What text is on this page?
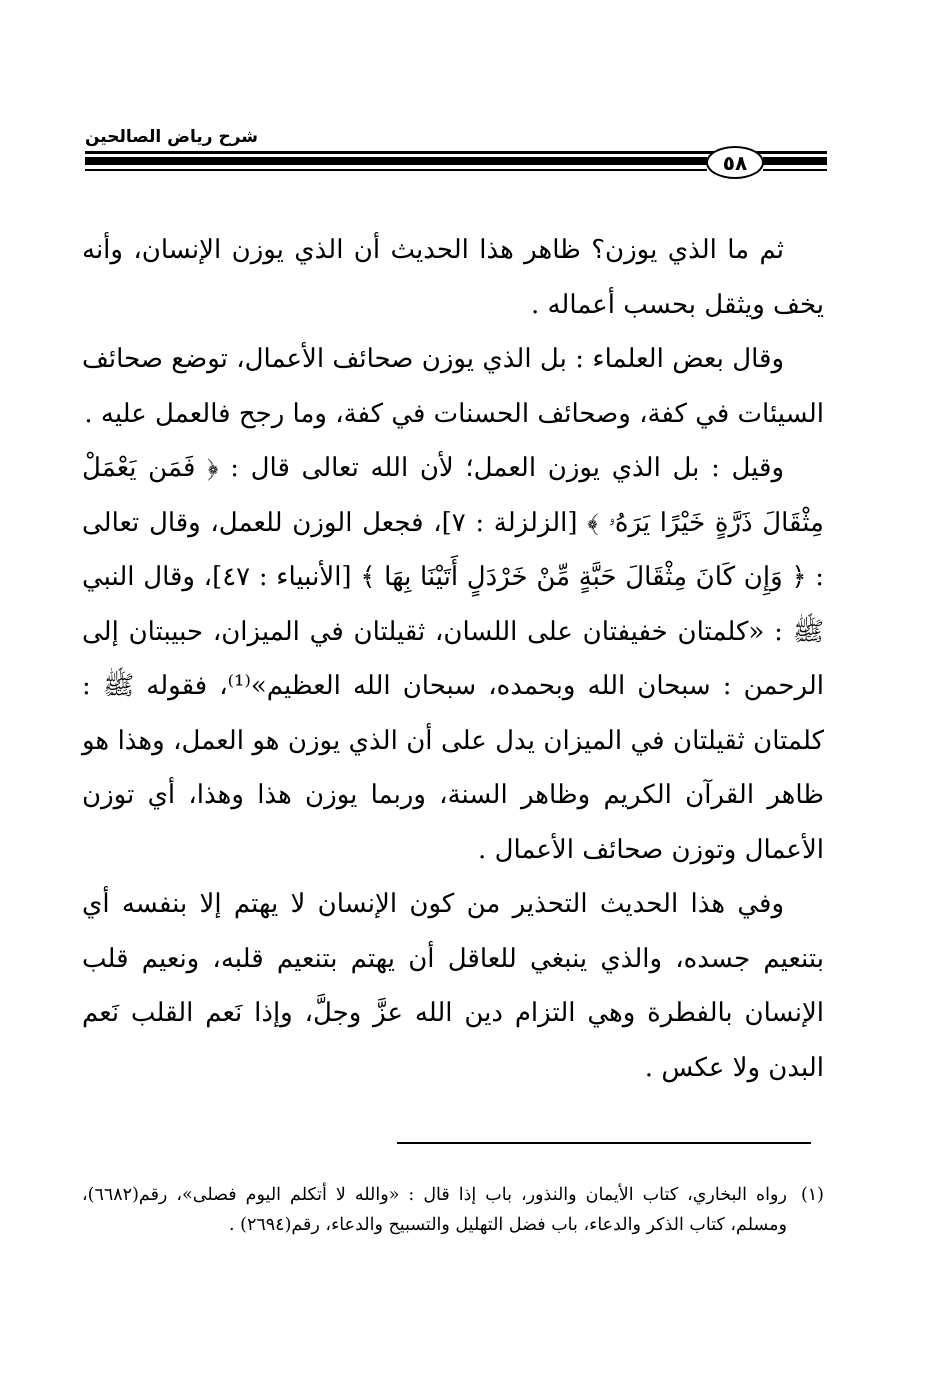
شرح رياض الصالحين
٥٨

ثم ما الذي يوزن؟ ظاهر هذا الحديث أن الذي يوزن الإنسان، وأنه يخف ويثقل بحسب أعماله .

وقال بعض العلماء : بل الذي يوزن صحائف الأعمال، توضع صحائف السيئات في كفة، وصحائف الحسنات في كفة، وما رجح فالعمل عليه .

وقيل : بل الذي يوزن العمل؛ لأن الله تعالى قال : ﴿ فَمَن يَعْمَلْ مِثْقَالَ ذَرَّةٍ خَيْرًا يَرَهُۥ ﴾ [الزلزلة : ٧]، فجعل الوزن للعمل، وقال تعالى : ﴿ وَإِن كَانَ مِثْقَالَ حَبَّةٍ مِّنْ خَرْدَلٍ أَتَيْنَا بِهَا ﴾ [الأنبياء : ٤٧]، وقال النبي ﷺ : «كلمتان خفيفتان على اللسان، ثقيلتان في الميزان، حبيبتان إلى الرحمن : سبحان الله وبحمده، سبحان الله العظيم»⁽¹⁾، فقوله ﷺ : كلمتان ثقيلتان في الميزان يدل على أن الذي يوزن هو العمل، وهذا هو ظاهر القرآن الكريم وظاهر السنة، وربما يوزن هذا وهذا، أي توزن الأعمال وتوزن صحائف الأعمال .

وفي هذا الحديث التحذير من كون الإنسان لا يهتم إلا بنفسه أي بتنعيم جسده، والذي ينبغي للعاقل أن يهتم بتنعيم قلبه، ونعيم قلب الإنسان بالفطرة وهي التزام دين الله عزَّ وجلَّ، وإذا نَعم القلب نَعم البدن ولا عكس .

(١)
رواه البخاري، كتاب الأيمان والنذور، باب إذا قال : «والله لا أتكلم اليوم فصلى»، رقم(٦٦٨٢)، ومسلم، كتاب الذكر والدعاء، باب فضل التهليل والتسبيح والدعاء، رقم(٢٦٩٤) .
